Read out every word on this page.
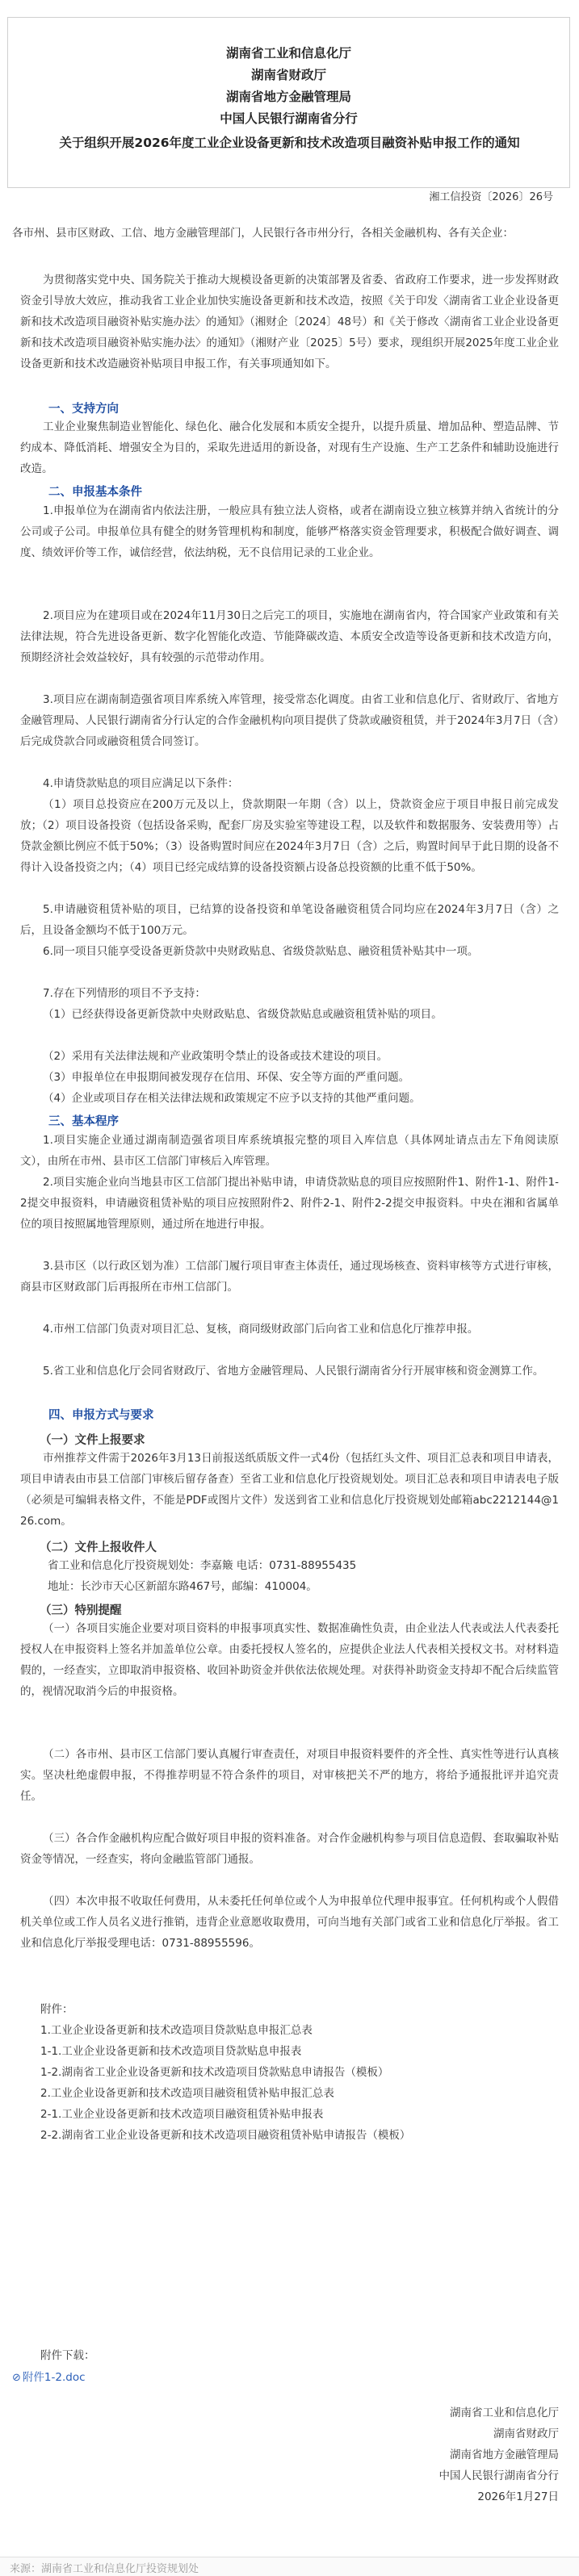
湖南省工业和信息化厅
湖南省财政厅
湖南省地方金融管理局
中国人民银行湖南省分行
关于组织开展2026年度工业企业设备更新和技术改造项目融资补贴申报工作的通知
湘工信投资〔2026〕26号
各市州、县市区财政、工信、地方金融管理部门，人民银行各市州分行，各相关金融机构、各有关企业：
为贯彻落实党中央、国务院关于推动大规模设备更新的决策部署及省委、省政府工作要求，进一步发挥财政资金引导放大效应，推动我省工业企业加快实施设备更新和技术改造，按照《关于印发〈湖南省工业企业设备更新和技术改造项目融资补贴实施办法〉的通知》（湘财企〔2024〕48号）和《关于修改〈湖南省工业企业设备更新和技术改造项目融资补贴实施办法〉的通知》（湘财产业〔2025〕5号）要求，现组织开展2025年度工业企业设备更新和技术改造融资补贴项目申报工作，有关事项通知如下。
一、支持方向
工业企业聚焦制造业智能化、绿色化、融合化发展和本质安全提升，以提升质量、增加品种、塑造品牌、节约成本、降低消耗、增强安全为目的，采取先进适用的新设备，对现有生产设施、生产工艺条件和辅助设施进行改造。
二、申报基本条件
1.申报单位为在湖南省内依法注册，一般应具有独立法人资格，或者在湖南设立独立核算并纳入省统计的分公司或子公司。申报单位具有健全的财务管理机构和制度，能够严格落实资金管理要求，积极配合做好调查、调度、绩效评价等工作，诚信经营，依法纳税，无不良信用记录的工业企业。
2.项目应为在建项目或在2024年11月30日之后完工的项目，实施地在湖南省内，符合国家产业政策和有关法律法规，符合先进设备更新、数字化智能化改造、节能降碳改造、本质安全改造等设备更新和技术改造方向，预期经济社会效益较好，具有较强的示范带动作用。
3.项目应在湖南制造强省项目库系统入库管理，接受常态化调度。由省工业和信息化厅、省财政厅、省地方金融管理局、人民银行湖南省分行认定的合作金融机构向项目提供了贷款或融资租赁，并于2024年3月7日（含）后完成贷款合同或融资租赁合同签订。
4.申请贷款贴息的项目应满足以下条件：
（1）项目总投资应在200万元及以上，贷款期限一年期（含）以上，贷款资金应于项目申报日前完成发放；（2）项目设备投资（包括设备采购，配套厂房及实验室等建设工程，以及软件和数据服务、安装费用等）占贷款金额比例应不低于50%；（3）设备购置时间应在2024年3月7日（含）之后，购置时间早于此日期的设备不得计入设备投资之内；（4）项目已经完成结算的设备投资额占设备总投资额的比重不低于50%。
5.申请融资租赁补贴的项目，已结算的设备投资和单笔设备融资租赁合同均应在2024年3月7日（含）之后，且设备金额均不低于100万元。
6.同一项目只能享受设备更新贷款中央财政贴息、省级贷款贴息、融资租赁补贴其中一项。
7.存在下列情形的项目不予支持：
（1）已经获得设备更新贷款中央财政贴息、省级贷款贴息或融资租赁补贴的项目。
（2）采用有关法律法规和产业政策明令禁止的设备或技术建设的项目。
（3）申报单位在申报期间被发现存在信用、环保、安全等方面的严重问题。
（4）企业或项目存在相关法律法规和政策规定不应予以支持的其他严重问题。
三、基本程序
1.项目实施企业通过湖南制造强省项目库系统填报完整的项目入库信息（具体网址请点击左下角阅读原文），由所在市州、县市区工信部门审核后入库管理。
2.项目实施企业向当地县市区工信部门提出补贴申请，申请贷款贴息的项目应按照附件1、附件1-1、附件1-2提交申报资料，申请融资租赁补贴的项目应按照附件2、附件2-1、附件2-2提交申报资料。中央在湘和省属单位的项目按照属地管理原则，通过所在地进行申报。
3.县市区（以行政区划为准）工信部门履行项目审查主体责任，通过现场核查、资料审核等方式进行审核，商县市区财政部门后再报所在市州工信部门。
4.市州工信部门负责对项目汇总、复核，商同级财政部门后向省工业和信息化厅推荐申报。
5.省工业和信息化厅会同省财政厅、省地方金融管理局、人民银行湖南省分行开展审核和资金测算工作。
四、申报方式与要求
（一）文件上报要求
市州推荐文件需于2026年3月13日前报送纸质版文件一式4份（包括红头文件、项目汇总表和项目申请表，项目申请表由市县工信部门审核后留存备查）至省工业和信息化厅投资规划处。项目汇总表和项目申请表电子版（必须是可编辑表格文件，不能是PDF或图片文件）发送到省工业和信息化厅投资规划处邮箱abc2212144@126.com。
（二）文件上报收件人
省工业和信息化厅投资规划处：李嘉簸 电话：0731-88955435
地址：长沙市天心区新韶东路467号，邮编：410004。
（三）特别提醒
（一）各项目实施企业要对项目资料的申报事项真实性、数据准确性负责，由企业法人代表或法人代表委托授权人在申报资料上签名并加盖单位公章。由委托授权人签名的，应提供企业法人代表相关授权文书。对材料造假的，一经查实，立即取消申报资格、收回补助资金并供依法依规处理。对获得补助资金支持却不配合后续监管的，视情况取消今后的申报资格。
（二）各市州、县市区工信部门要认真履行审查责任，对项目申报资料要件的齐全性、真实性等进行认真核实。坚决杜绝虚假申报，不得推荐明显不符合条件的项目，对审核把关不严的地方，将给予通报批评并追究责任。
（三）各合作金融机构应配合做好项目申报的资料准备。对合作金融机构参与项目信息造假、套取骗取补贴资金等情况，一经查实，将向金融监管部门通报。
（四）本次申报不收取任何费用，从未委托任何单位或个人为申报单位代理申报事宜。任何机构或个人假借机关单位或工作人员名义进行推销，违背企业意愿收取费用，可向当地有关部门或省工业和信息化厅举报。省工业和信息化厅举报受理电话：0731-88955596。
附件：
1.工业企业设备更新和技术改造项目贷款贴息申报汇总表
1-1.工业企业设备更新和技术改造项目贷款贴息申报表
1-2.湖南省工业企业设备更新和技术改造项目贷款贴息申请报告（模板）
2.工业企业设备更新和技术改造项目融资租赁补贴申报汇总表
2-1.工业企业设备更新和技术改造项目融资租赁补贴申报表
2-2.湖南省工业企业设备更新和技术改造项目融资租赁补贴申请报告（模板）
附件下载：
⊘ 附件1-2.doc
湖南省工业和信息化厅
湖南省财政厅
湖南省地方金融管理局
中国人民银行湖南省分行
2026年1月27日
来源：湖南省工业和信息化厅投资规划处
